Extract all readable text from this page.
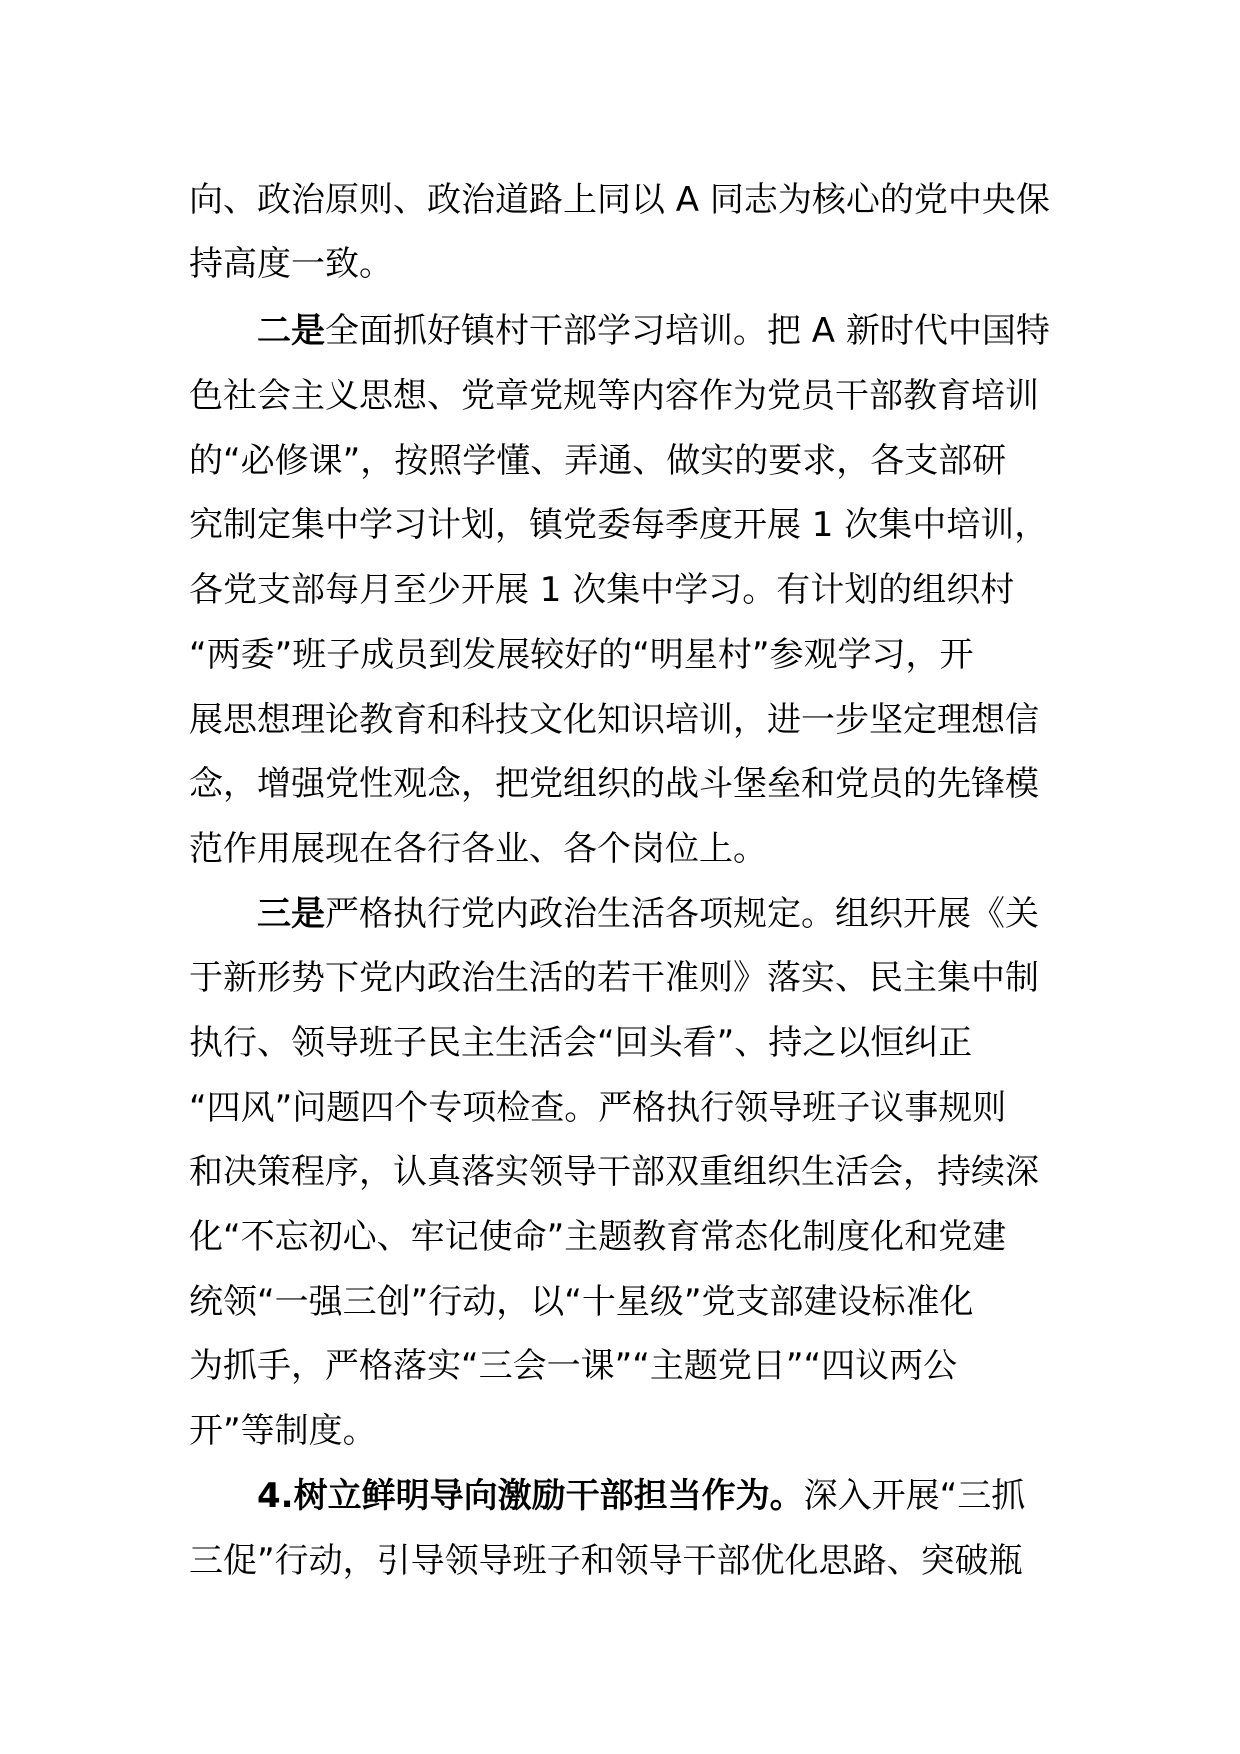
向、政治原则、政治道路上同以 A 同志为核心的党中央保
持高度一致。
二是全面抓好镇村干部学习培训。把 A 新时代中国特
色社会主义思想、党章党规等内容作为党员干部教育培训
的“必修课”，按照学懂、弄通、做实的要求，各支部研
究制定集中学习计划，镇党委每季度开展 1 次集中培训，
各党支部每月至少开展 1 次集中学习。有计划的组织村
“两委”班子成员到发展较好的“明星村”参观学习，开
展思想理论教育和科技文化知识培训，进一步坚定理想信
念，增强党性观念，把党组织的战斗堡垒和党员的先锋模
范作用展现在各行各业、各个岗位上。
三是严格执行党内政治生活各项规定。组织开展《关
于新形势下党内政治生活的若干准则》落实、民主集中制
执行、领导班子民主生活会“回头看”、持之以恒纠正
“四风”问题四个专项检查。严格执行领导班子议事规则
和决策程序，认真落实领导干部双重组织生活会，持续深
化“不忘初心、牢记使命”主题教育常态化制度化和党建
统领“一强三创”行动，以“十星级”党支部建设标准化
为抓手，严格落实“三会一课”“主题党日”“四议两公
开”等制度。
4.树立鲜明导向激励干部担当作为。深入开展“三抓
三促”行动，引导领导班子和领导干部优化思路、突破瓶
